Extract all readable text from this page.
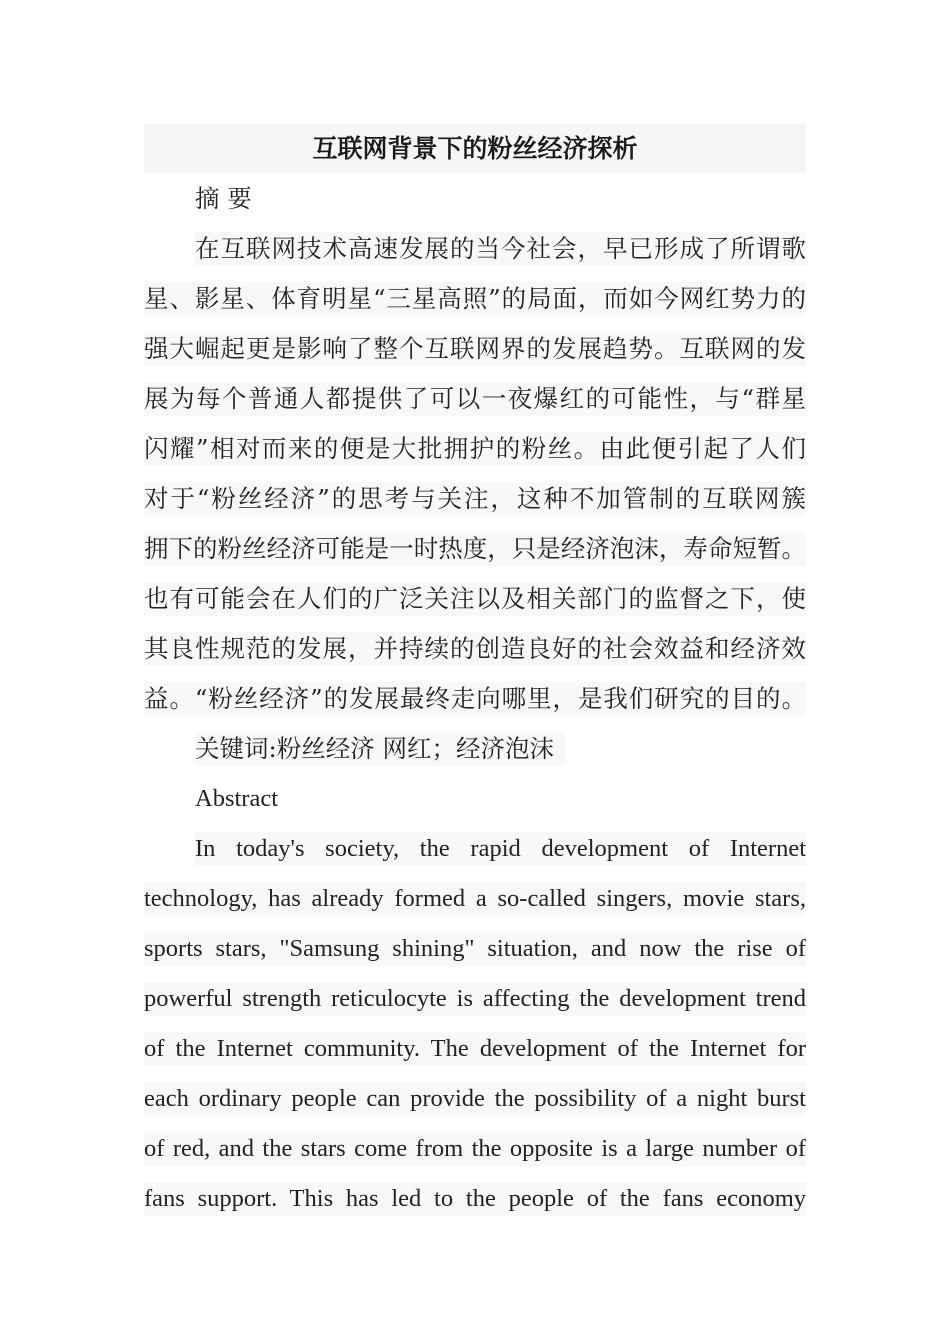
互联网背景下的粉丝经济探析
摘 要
在互联网技术高速发展的当今社会，早已形成了所谓歌
星、影星、体育明星“三星高照”的局面，而如今网红势力的
强大崛起更是影响了整个互联网界的发展趋势。互联网的发
展为每个普通人都提供了可以一夜爆红的可能性，与“群星
闪耀”相对而来的便是大批拥护的粉丝。由此便引起了人们
对于“粉丝经济”的思考与关注，这种不加管制的互联网簇
拥下的粉丝经济可能是一时热度，只是经济泡沫，寿命短暂。
也有可能会在人们的广泛关注以及相关部门的监督之下，使
其良性规范的发展，并持续的创造良好的社会效益和经济效
益。“粉丝经济”的发展最终走向哪里，是我们研究的目的。
关键词:粉丝经济 网红；经济泡沫
Abstract
In today's society, the rapid development of Internet
technology, has already formed a so-called singers, movie stars,
sports stars, "Samsung shining" situation, and now the rise of
powerful strength reticulocyte is affecting the development trend
of the Internet community. The development of the Internet for
each ordinary people can provide the possibility of a night burst
of red, and the stars come from the opposite is a large number of
fans support. This has led to the people of the fans economy
